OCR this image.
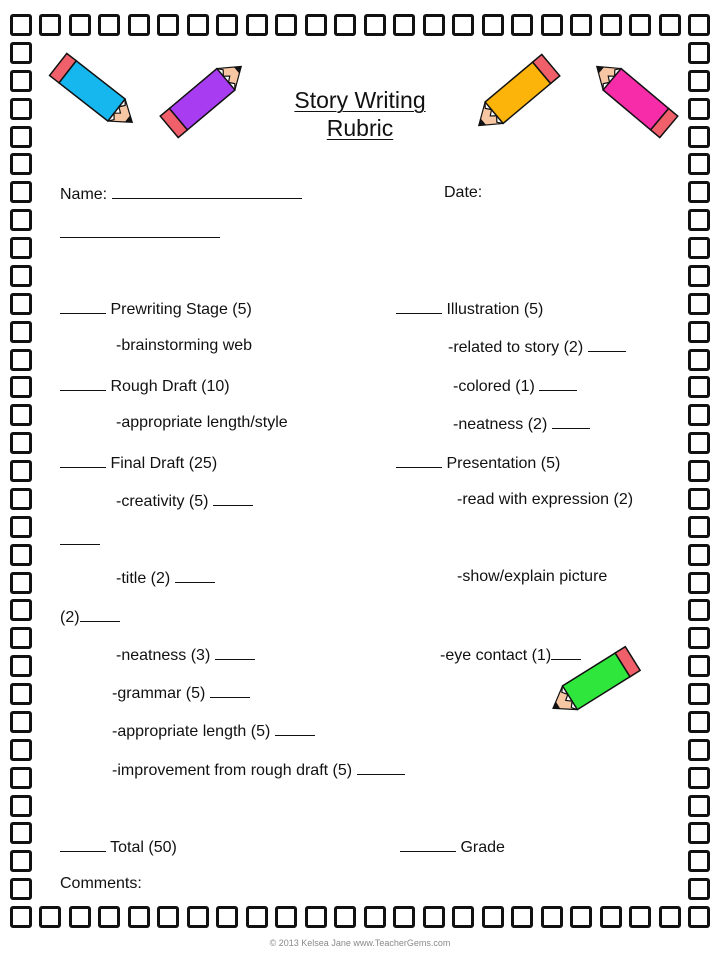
Story Writing
Rubric
Name:	Date:
Prewriting Stage (5)
-brainstorming web
Rough Draft (10)
-appropriate length/style
Final Draft (25)
-creativity (5)
-title (2)
(2)
-neatness (3)
-grammar (5)
-appropriate length (5)
-improvement from rough draft (5)
Illustration (5)
-related to story (2)
-colored (1)
-neatness (2)
Presentation (5)
-read with expression (2)
-show/explain picture
-eye contact (1)
Total (50)	Grade
Comments:
© 2013 Kelsea Jane www.TeacherGems.com
